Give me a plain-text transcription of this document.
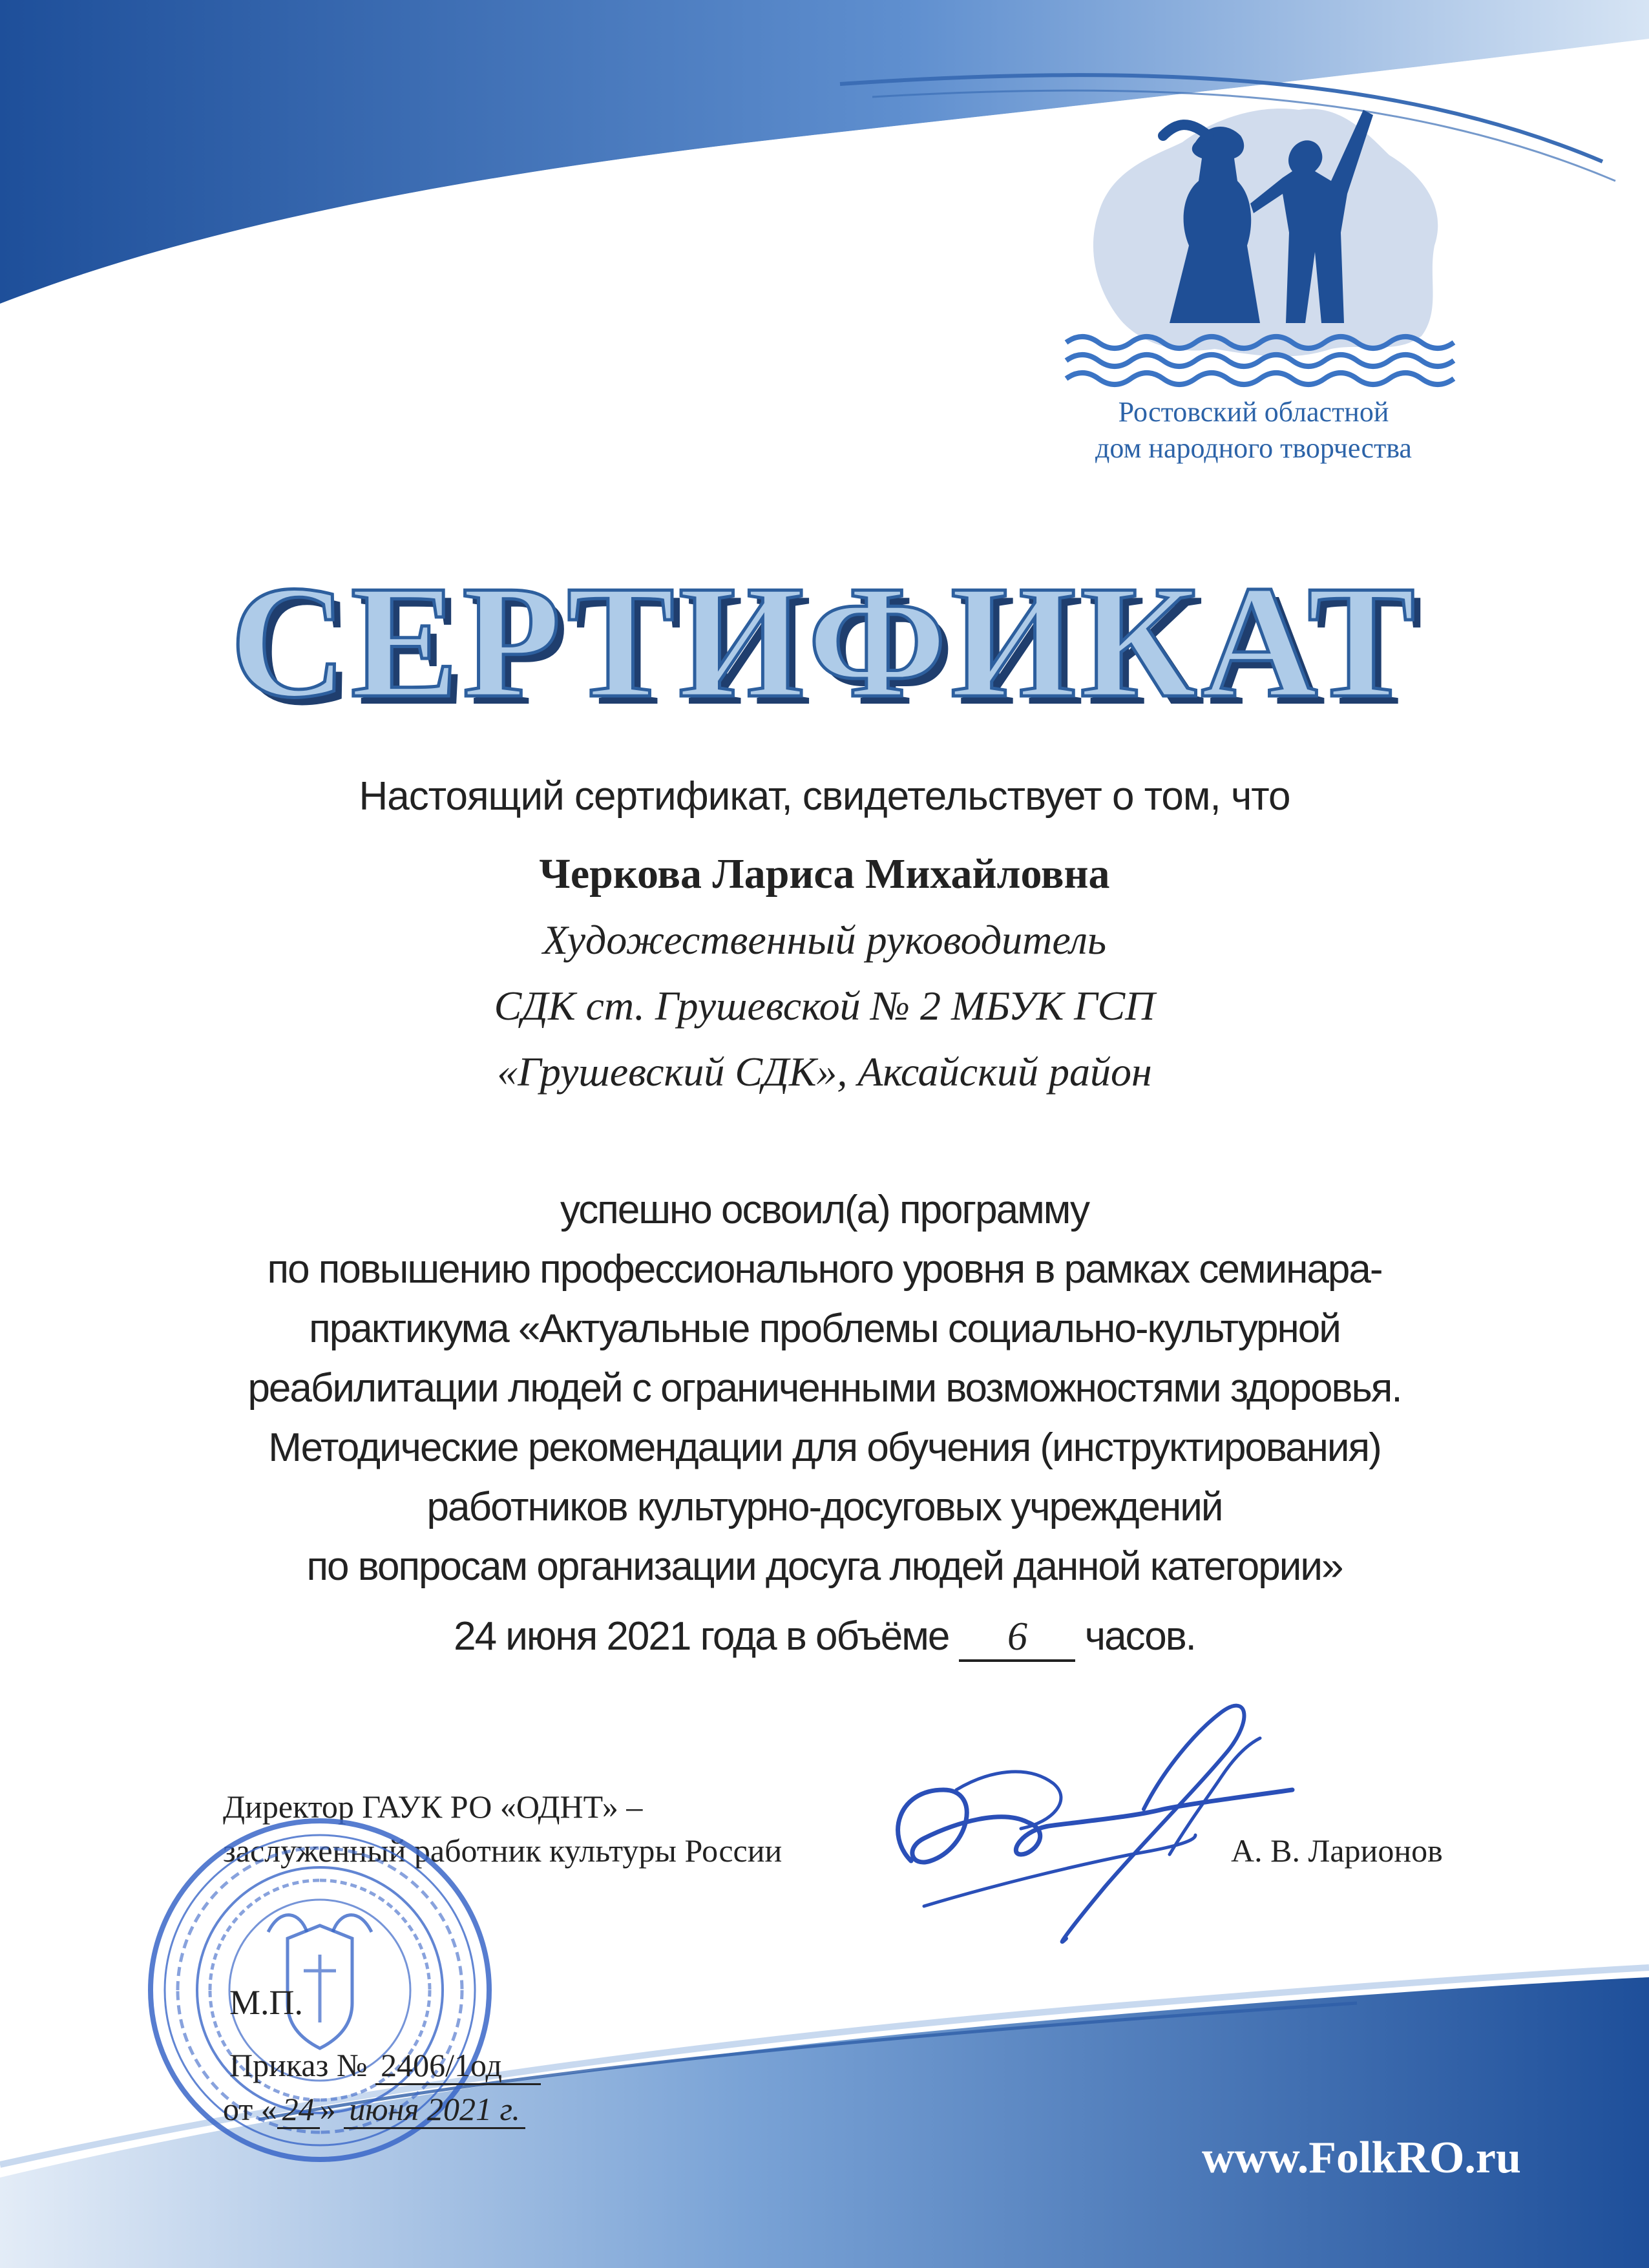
Ростовский областной
дом народного творчества
СЕРТИФИКАТ
Настоящий сертификат, свидетельствует о том, что
Черкова Лариса Михайловна
Художественный руководитель
СДК ст. Грушевской № 2 МБУК ГСП
«Грушевский СДК», Аксайский район
успешно освоил(а) программу
по повышению профессионального уровня в рамках семинара-
практикума «Актуальные проблемы социально-культурной
реабилитации людей с ограниченными возможностями здоровья.
Методические рекомендации для обучения (инструктирования)
работников культурно-досуговых учреждений
по вопросам организации досуга людей данной категории»
24 июня 2021 года в объёме 6 часов.
Директор ГАУК РО «ОДНТ» –
заслуженный работник культуры России	А. В. Ларионов
М.П.
Приказ № 2406/1од
от « 24 » июня 2021 г.
www.FolkRO.ru
